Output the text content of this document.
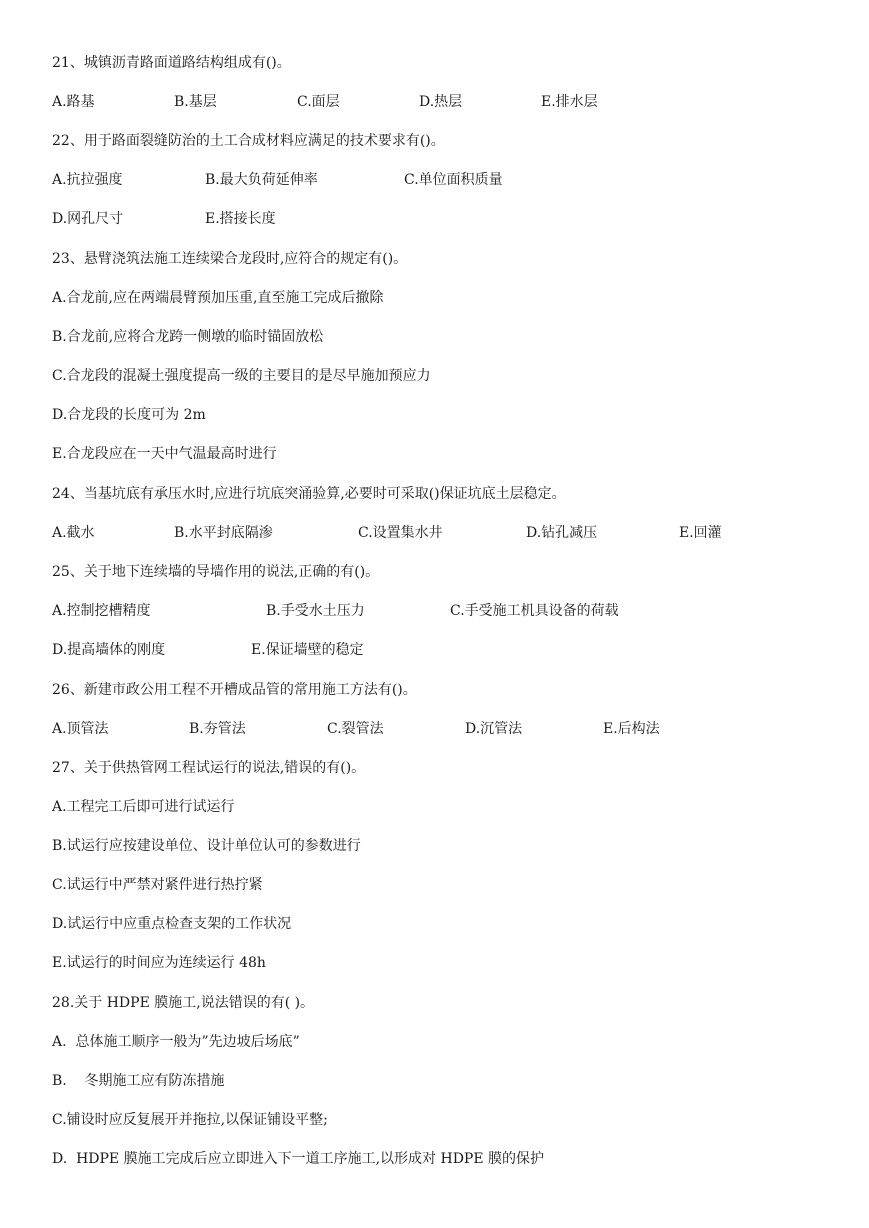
21、城镇沥青路面道路结构组成有()。
A.路基	B.基层	C.面层	D.热层	E.排水层
22、用于路面裂缝防治的土工合成材料应满足的技术要求有()。
A.抗拉强度	B.最大负荷延伸率	C.单位面积质量
D.网孔尺寸	E.搭接长度
23、悬臂浇筑法施工连续梁合龙段时,应符合的规定有()。
A.合龙前,应在两端晨臂预加压重,直至施工完成后撤除
B.合龙前,应将合龙跨一侧墩的临时锚固放松
C.合龙段的混凝土强度提高一级的主要目的是尽早施加预应力
D.合龙段的长度可为 2m
E.合龙段应在一天中气温最高时进行
24、当基坑底有承压水时,应进行坑底突涌验算,必要时可采取()保证坑底土层稳定。
A.截水	B.水平封底隔渗	C.设置集水井	D.钻孔减压	E.回灌
25、关于地下连续墙的导墙作用的说法,正确的有()。
A.控制挖槽精度	B.手受水土压力	C.手受施工机具设备的荷载
D.提高墙体的刚度	E.保证墙壁的稳定
26、新建市政公用工程不开槽成品管的常用施工方法有()。
A.顶管法	B.夯管法	C.裂管法	D.沉管法	E.后构法
27、关于供热管网工程试运行的说法,错误的有()。
A.工程完工后即可进行试运行
B.试运行应按建设单位、设计单位认可的参数进行
C.试运行中严禁对紧件进行热拧紧
D.试运行中应重点检查支架的工作状况
E.试运行的时间应为连续运行 48h
28.关于 HDPE 膜施工,说法错误的有( )。
A.  总体施工顺序一般为”先边坡后场底”
B.    冬期施工应有防冻措施
C.铺设时应反复展开并拖拉,以保证铺设平整;
D.  HDPE 膜施工完成后应立即进入下一道工序施工,以形成对 HDPE 膜的保护
